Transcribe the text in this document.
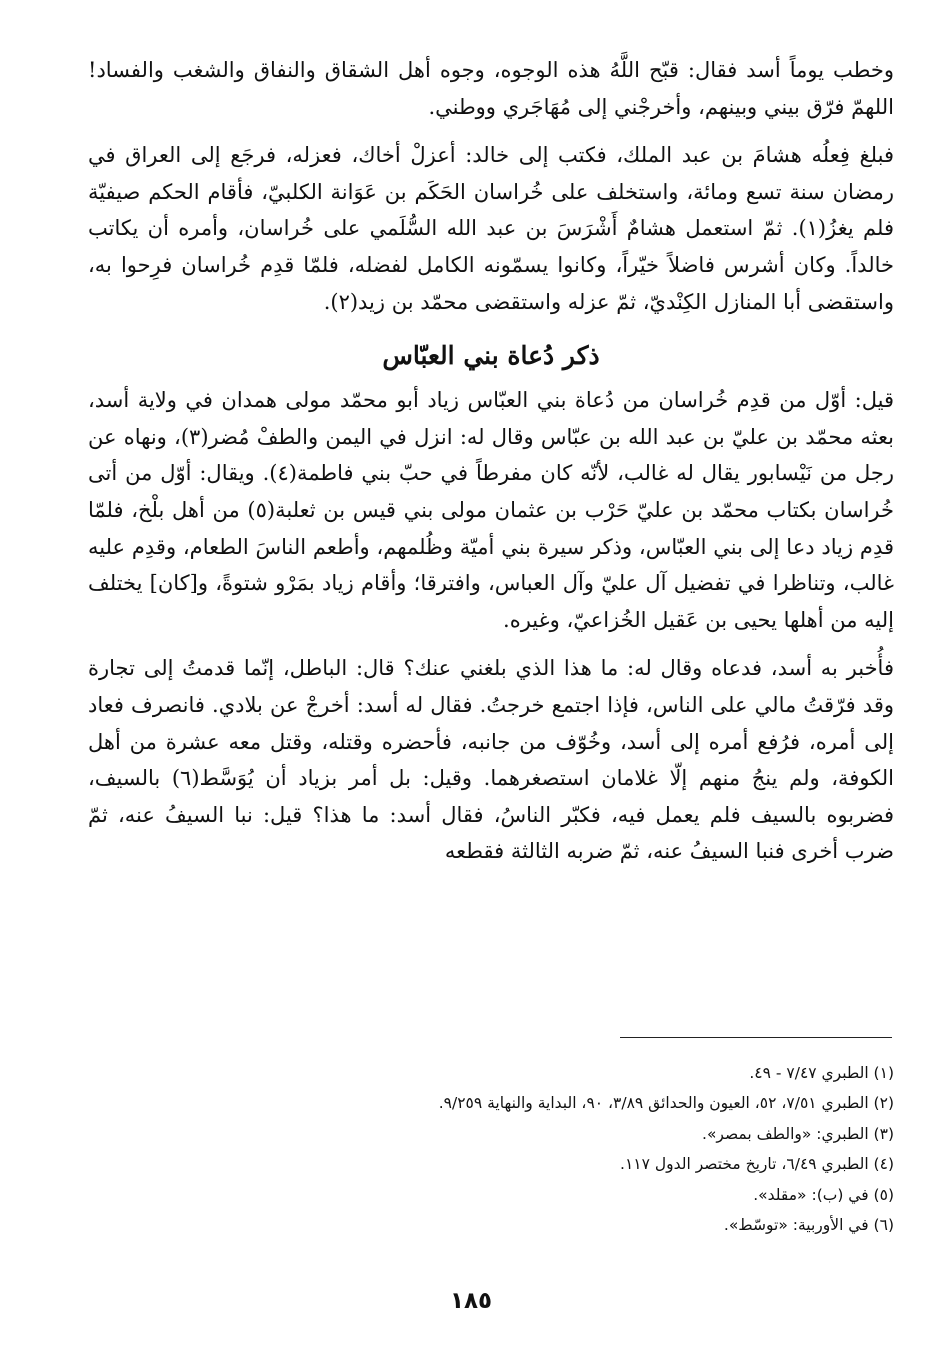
وخطب يوماً أسد فقال: قبّح اللَّهُ هذه الوجوه، وجوه أهل الشقاق والنفاق والشغب والفساد! اللهمّ فرّق بيني وبينهم، وأخرجْني إلى مُهَاجَري ووطني.

فبلغ فِعلُه هشامَ بن عبد الملك، فكتب إلى خالد: أعزلْ أخاك، فعزله، فرجَع إلى العراق في رمضان سنة تسع ومائة، واستخلف على خُراسان الحَكَم بن عَوَانة الكلبيّ، فأقام الحكم صيفيّة فلم يغزُ(١). ثمّ استعمل هشامٌ أَشْرَسَ بن عبد الله السُّلَمي على خُراسان، وأمره أن يكاتب خالداً. وكان أشرس فاضلاً خيّراً، وكانوا يسمّونه الكامل لفضله، فلمّا قدِم خُراسان فرِحوا به، واستقضى أبا المنازل الكِنْديّ، ثمّ عزله واستقضى محمّد بن زيد(٢).

ذكر دُعاة بني العبّاس

قيل: أوّل من قدِم خُراسان من دُعاة بني العبّاس زياد أبو محمّد مولى همدان في ولاية أسد، بعثه محمّد بن عليّ بن عبد الله بن عبّاس وقال له: انزل في اليمن والطفْ مُضر(٣)، ونهاه عن رجل من نَيْسابور يقال له غالب، لأنّه كان مفرطاً في حبّ بني فاطمة(٤). ويقال: أوّل من أتى خُراسان بكتاب محمّد بن عليّ حَرْب بن عثمان مولى بني قيس بن ثعلبة(٥) من أهل بلْخ، فلمّا قدِم زياد دعا إلى بني العبّاس، وذكر سيرة بني أميّة وظُلمهم، وأطعم الناسَ الطعام، وقدِم عليه غالب، وتناظرا في تفضيل آل عليّ وآل العباس، وافترقا؛ وأقام زياد بمَرْو شتوةً، و[كان] يختلف إليه من أهلها يحيى بن عَقيل الخُزاعيّ، وغيره.

فأُخبر به أسد، فدعاه وقال له: ما هذا الذي بلغني عنك؟ قال: الباطل، إنّما قدمتُ إلى تجارة وقد فرّقتُ مالي على الناس، فإذا اجتمع خرجتُ. فقال له أسد: أخرجْ عن بلادي. فانصرف فعاد إلى أمره، فرُفع أمره إلى أسد، وخُوّف من جانبه، فأحضره وقتله، وقتل معه عشرة من أهل الكوفة، ولم ينجُ منهم إلّا غلامان استصغرهما. وقيل: بل أمر بزياد أن يُوَسَّط(٦) بالسيف، فضربوه بالسيف فلم يعمل فيه، فكبّر الناسُ، فقال أسد: ما هذا؟ قيل: نبا السيفُ عنه، ثمّ ضرب أخرى فنبا السيفُ عنه، ثمّ ضربه الثالثة فقطعه

(١) الطبري ٧/٤٧ - ٤٩.
(٢) الطبري ٧/٥١، ٥٢، العيون والحدائق ٣/٨٩، ٩٠، البداية والنهاية ٩/٢٥٩.
(٣) الطبري: «والطف بمصر».
(٤) الطبري ٦/٤٩، تاريخ مختصر الدول ١١٧.
(٥) في (ب): «مقلد».
(٦) في الأوربية: «توسّط».
١٨٥
